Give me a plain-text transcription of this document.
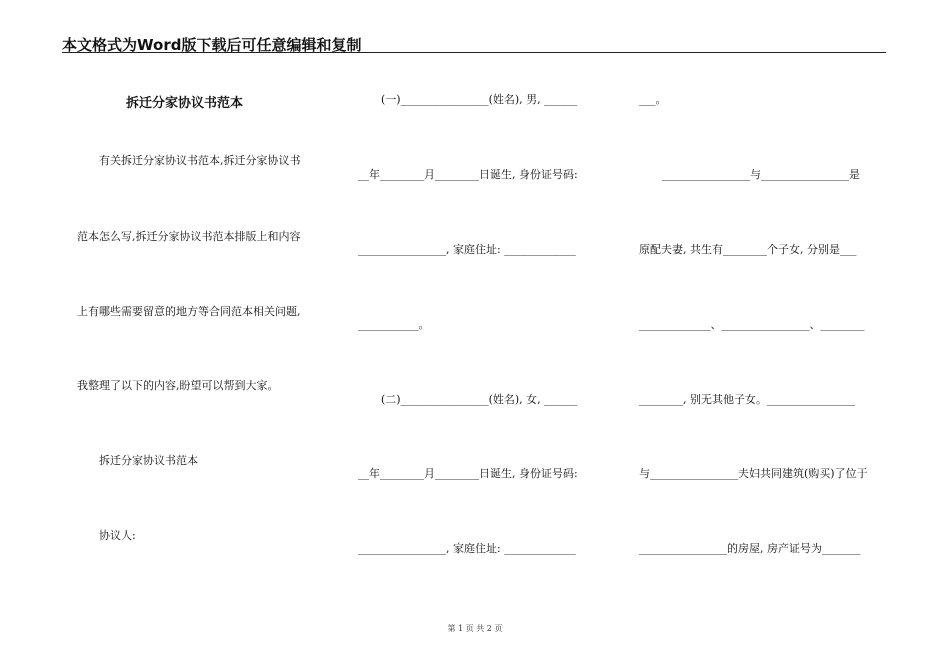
本文格式为Word版下载后可任意编辑和复制
拆迁分家协议书范本
有关拆迁分家协议书范本,拆迁分家协议书
范本怎么写,拆迁分家协议书范本排版上和内容
上有哪些需要留意的地方等合同范本相关问题,
我整理了以下的内容,盼望可以帮到大家。
拆迁分家协议书范本
协议人:
(一)________________(姓名), 男, ______
__年________月________日诞生, 身份证号码:
________________, 家庭住址: _____________
___________。
(二)________________(姓名), 女, ______
__年________月________日诞生, 身份证号码:
________________, 家庭住址: _____________
___。
________________与________________是
原配夫妻, 共生有________个子女, 分别是___
_____________、________________、________
________, 别无其他子女。________________
与________________夫妇共同建筑(购买)了位于
________________的房屋, 房产证号为_______
第 1 页 共 2 页
